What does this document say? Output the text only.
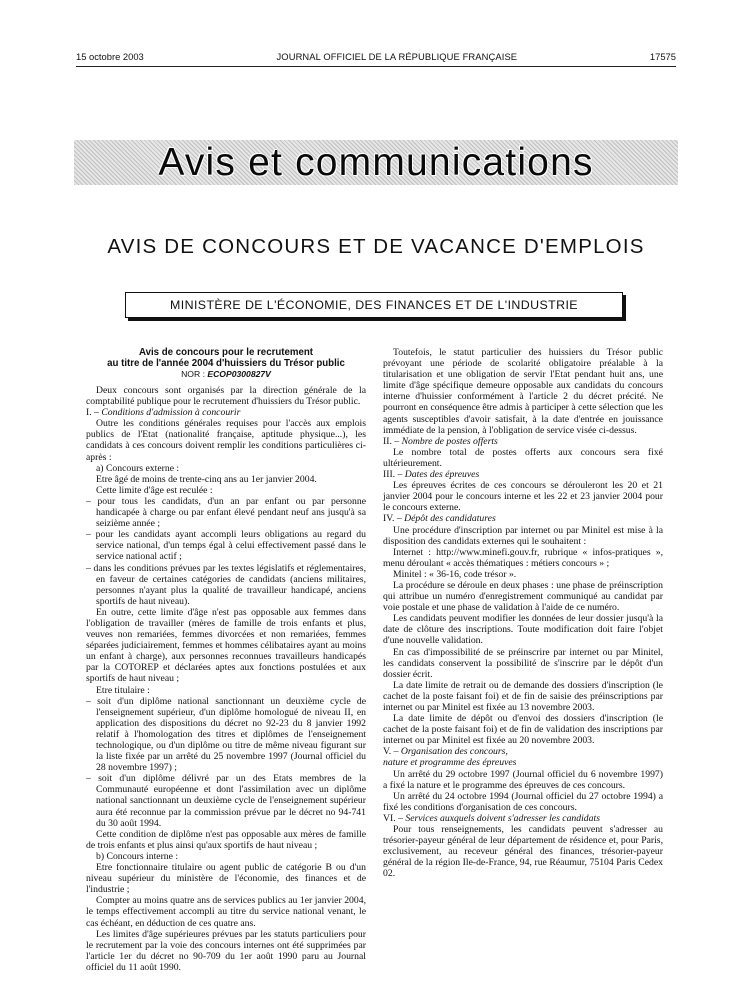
15 octobre 2003	JOURNAL OFFICIEL DE LA RÉPUBLIQUE FRANÇAISE	17575
Avis et communications
AVIS DE CONCOURS ET DE VACANCE D'EMPLOIS
MINISTÈRE DE L'ÉCONOMIE, DES FINANCES ET DE L'INDUSTRIE
Avis de concours pour le recrutement
au titre de l'année 2004 d'huissiers du Trésor public
NOR : ECOP0300827V

Deux concours sont organisés par la direction générale de la comptabilité publique pour le recrutement d'huissiers du Trésor public.

I. – Conditions d'admission à concourir

Outre les conditions générales requises pour l'accès aux emplois publics de l'Etat (nationalité française, aptitude physique...), les candidats à ces concours doivent remplir les conditions particulières ci-après :

a) Concours externe :

Etre âgé de moins de trente-cinq ans au 1er janvier 2004.

Cette limite d'âge est reculée :

– pour tous les candidats, d'un an par enfant ou par personne handicapée à charge ou par enfant élevé pendant neuf ans jusqu'à sa seizième année ;

– pour les candidats ayant accompli leurs obligations au regard du service national, d'un temps égal à celui effectivement passé dans le service national actif ;

– dans les conditions prévues par les textes législatifs et réglementaires, en faveur de certaines catégories de candidats (anciens militaires, personnes n'ayant plus la qualité de travailleur handicapé, anciens sportifs de haut niveau).

En outre, cette limite d'âge n'est pas opposable aux femmes dans l'obligation de travailler (mères de famille de trois enfants et plus, veuves non remariées, femmes divorcées et non remariées, femmes séparées judiciairement, femmes et hommes célibataires ayant au moins un enfant à charge), aux personnes reconnues travailleurs handicapés par la COTOREP et déclarées aptes aux fonctions postulées et aux sportifs de haut niveau ;

Etre titulaire :

– soit d'un diplôme national sanctionnant un deuxième cycle de l'enseignement supérieur, d'un diplôme homologué de niveau II, en application des dispositions du décret no 92-23 du 8 janvier 1992 relatif à l'homologation des titres et diplômes de l'enseignement technologique, ou d'un diplôme ou titre de même niveau figurant sur la liste fixée par un arrêté du 25 novembre 1997 (Journal officiel du 28 novembre 1997) ;

– soit d'un diplôme délivré par un des Etats membres de la Communauté européenne et dont l'assimilation avec un diplôme national sanctionnant un deuxième cycle de l'enseignement supérieur aura été reconnue par la commission prévue par le décret no 94-741 du 30 août 1994.

Cette condition de diplôme n'est pas opposable aux mères de famille de trois enfants et plus ainsi qu'aux sportifs de haut niveau ;

b) Concours interne :

Etre fonctionnaire titulaire ou agent public de catégorie B ou d'un niveau supérieur du ministère de l'économie, des finances et de l'industrie ;

Compter au moins quatre ans de services publics au 1er janvier 2004, le temps effectivement accompli au titre du service national venant, le cas échéant, en déduction de ces quatre ans.

Les limites d'âge supérieures prévues par les statuts particuliers pour le recrutement par la voie des concours internes ont été supprimées par l'article 1er du décret no 90-709 du 1er août 1990 paru au Journal officiel du 11 août 1990.

Toutefois, le statut particulier des huissiers du Trésor public prévoyant une période de scolarité obligatoire préalable à la titularisation et une obligation de servir l'Etat pendant huit ans, une limite d'âge spécifique demeure opposable aux candidats du concours interne d'huissier conformément à l'article 2 du décret précité. Ne pourront en conséquence être admis à participer à cette sélection que les agents susceptibles d'avoir satisfait, à la date d'entrée en jouissance immédiate de la pension, à l'obligation de service visée ci-dessus.

II. – Nombre de postes offerts

Le nombre total de postes offerts aux concours sera fixé ultérieurement.

III. – Dates des épreuves

Les épreuves écrites de ces concours se dérouleront les 20 et 21 janvier 2004 pour le concours interne et les 22 et 23 janvier 2004 pour le concours externe.

IV. – Dépôt des candidatures

Une procédure d'inscription par internet ou par Minitel est mise à la disposition des candidats externes qui le souhaitent :

Internet : http://www.minefi.gouv.fr, rubrique « infos-pratiques », menu déroulant « accès thématiques : métiers concours » ;

Minitel : « 36-16, code trésor ».

La procédure se déroule en deux phases : une phase de préinscription qui attribue un numéro d'enregistrement communiqué au candidat par voie postale et une phase de validation à l'aide de ce numéro.

Les candidats peuvent modifier les données de leur dossier jusqu'à la date de clôture des inscriptions. Toute modification doit faire l'objet d'une nouvelle validation.

En cas d'impossibilité de se préinscrire par internet ou par Minitel, les candidats conservent la possibilité de s'inscrire par le dépôt d'un dossier écrit.

La date limite de retrait ou de demande des dossiers d'inscription (le cachet de la poste faisant foi) et de fin de saisie des préinscriptions par internet ou par Minitel est fixée au 13 novembre 2003.

La date limite de dépôt ou d'envoi des dossiers d'inscription (le cachet de la poste faisant foi) et de fin de validation des inscriptions par internet ou par Minitel est fixée au 20 novembre 2003.

V. – Organisation des concours,
nature et programme des épreuves

Un arrêté du 29 octobre 1997 (Journal officiel du 6 novembre 1997) a fixé la nature et le programme des épreuves de ces concours.

Un arrêté du 24 octobre 1994 (Journal officiel du 27 octobre 1994) a fixé les conditions d'organisation de ces concours.

VI. – Services auxquels doivent s'adresser les candidats

Pour tous renseignements, les candidats peuvent s'adresser au trésorier-payeur général de leur département de résidence et, pour Paris, exclusivement, au receveur général des finances, trésorier-payeur général de la région Ile-de-France, 94, rue Réaumur, 75104 Paris Cedex 02.
